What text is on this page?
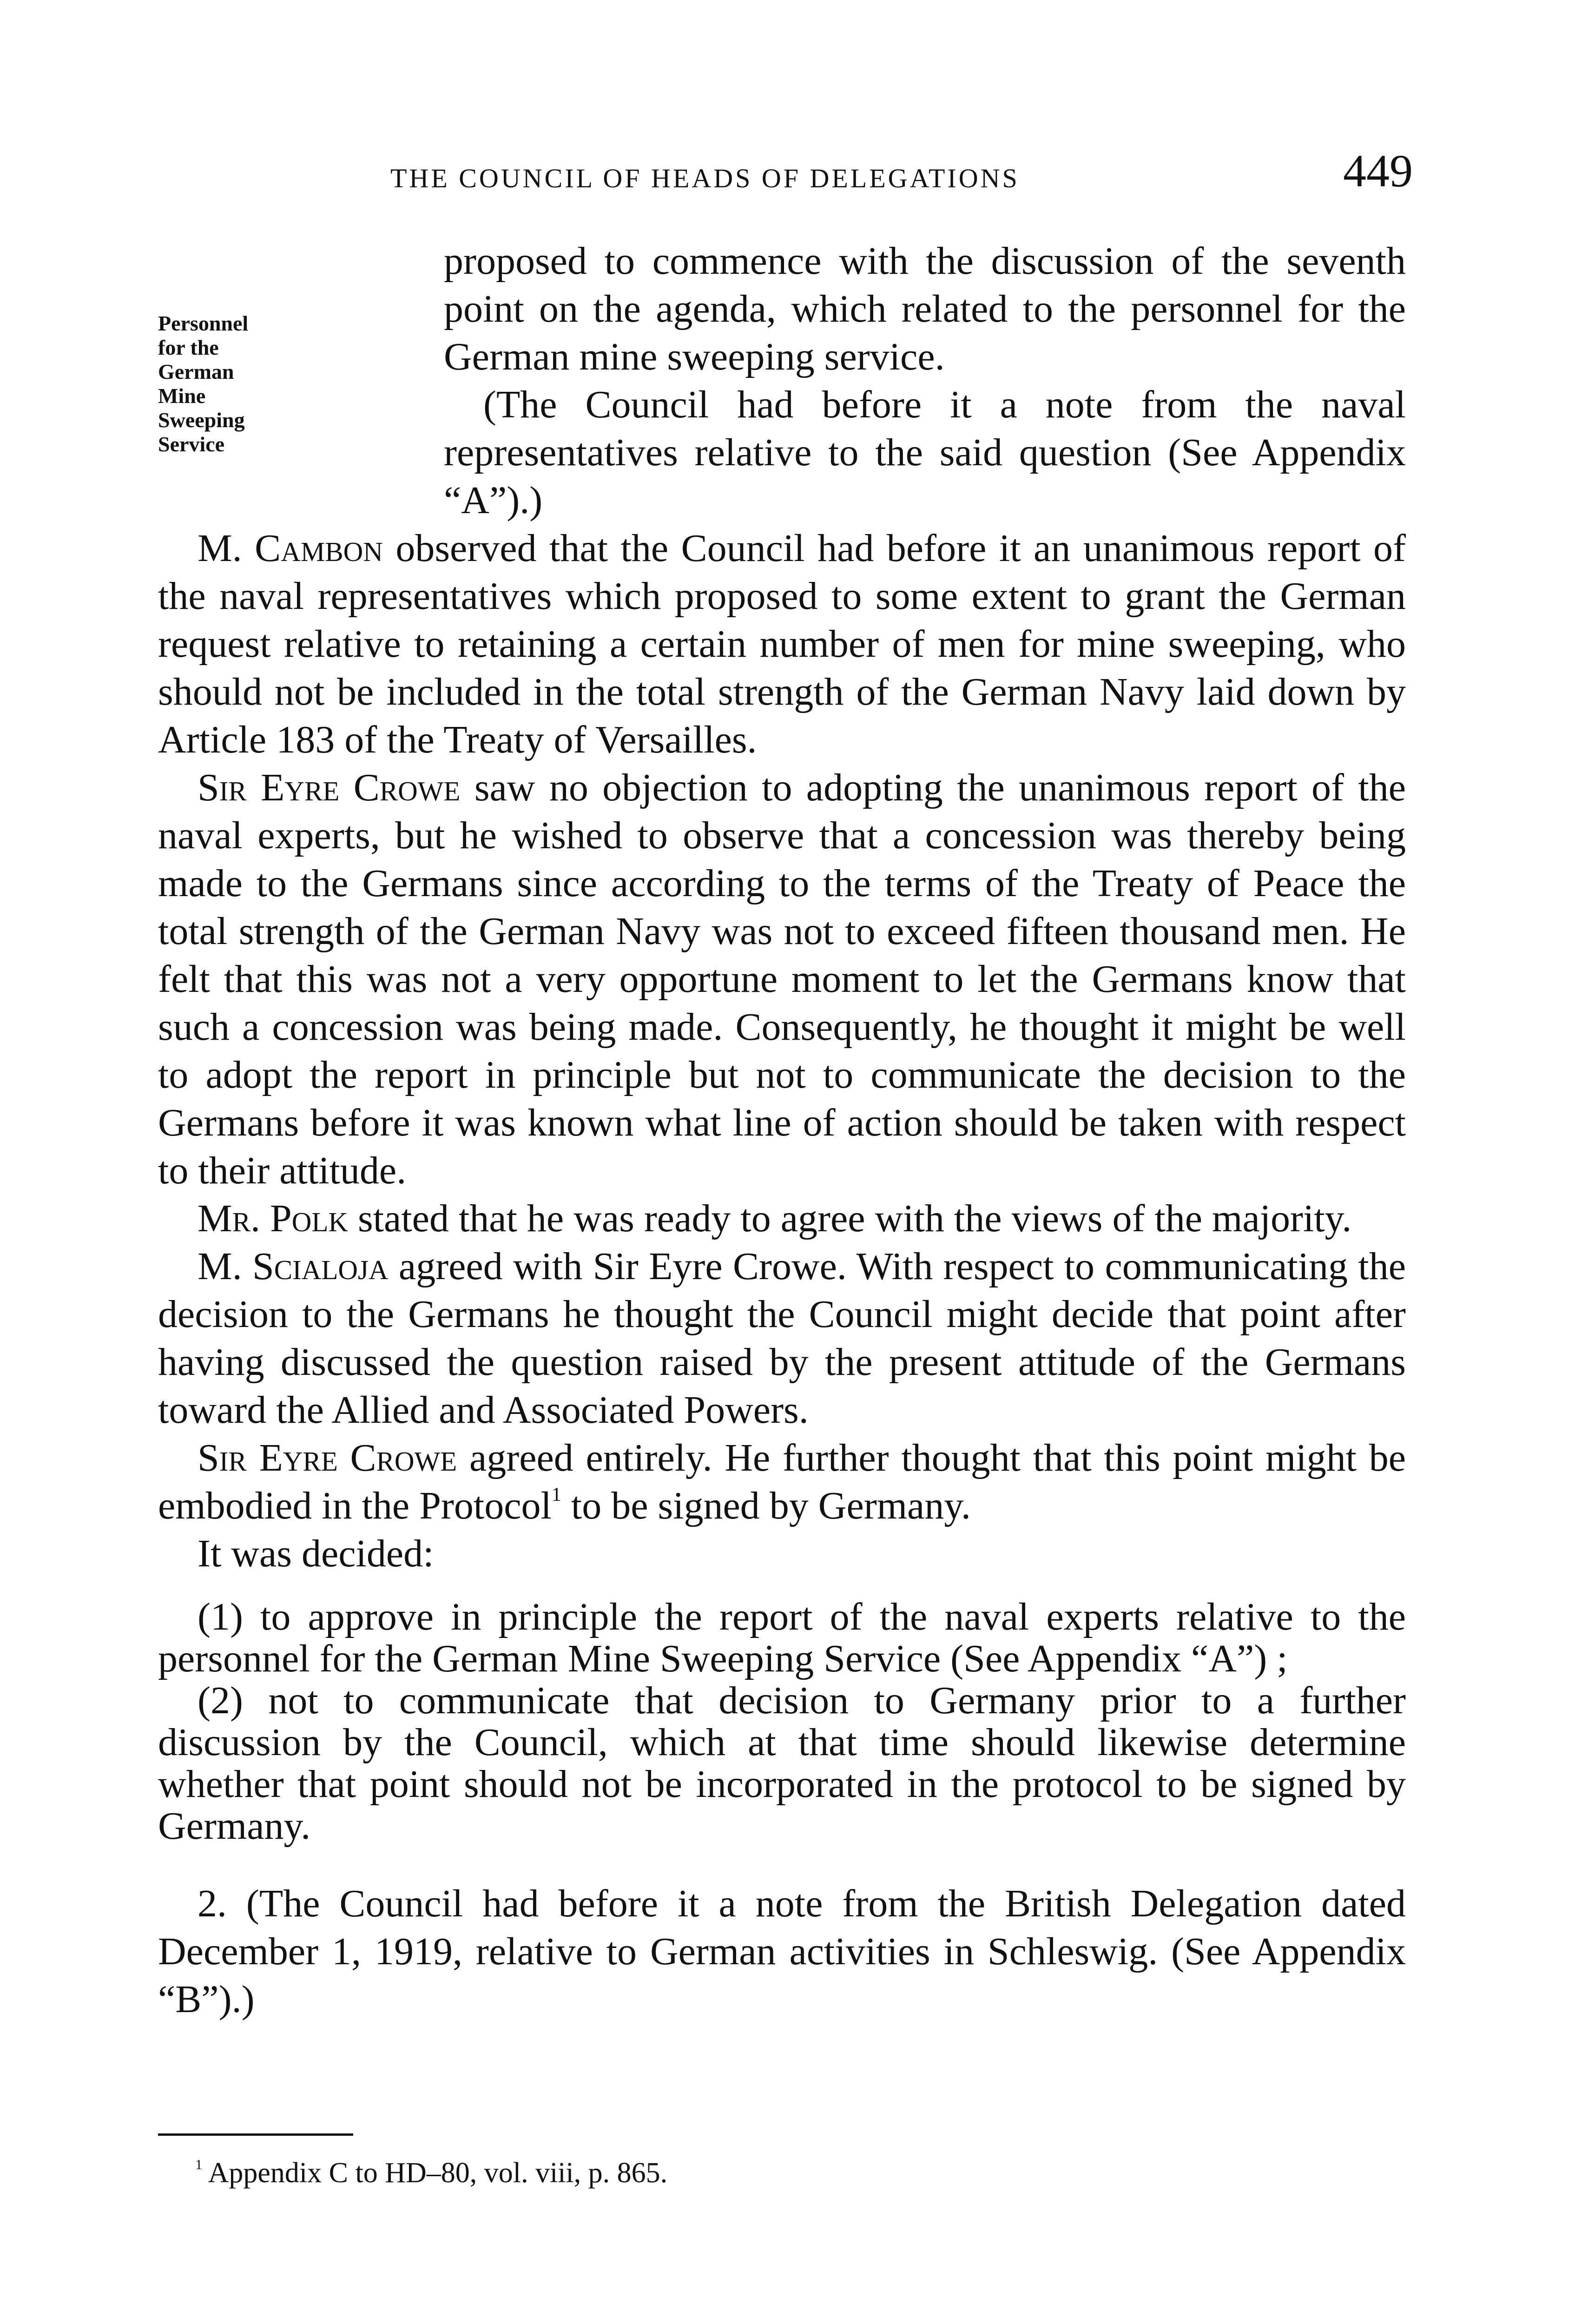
THE COUNCIL OF HEADS OF DELEGATIONS	449
Personnel
for the
German
Mine
Sweeping
Service

proposed to commence with the discussion of the seventh point on the agenda, which related to the personnel for the German mine sweeping service.

(The Council had before it a note from the naval representatives relative to the said question (See Appendix “A”).)

M. Cambon observed that the Council had before it an unanimous report of the naval representatives which proposed to some extent to grant the German request relative to retaining a certain number of men for mine sweeping, who should not be included in the total strength of the German Navy laid down by Article 183 of the Treaty of Versailles.

Sir Eyre Crowe saw no objection to adopting the unanimous report of the naval experts, but he wished to observe that a concession was thereby being made to the Germans since according to the terms of the Treaty of Peace the total strength of the German Navy was not to exceed fifteen thousand men. He felt that this was not a very opportune moment to let the Germans know that such a concession was being made. Consequently, he thought it might be well to adopt the report in principle but not to communicate the decision to the Germans before it was known what line of action should be taken with respect to their attitude.

Mr. Polk stated that he was ready to agree with the views of the majority.

M. Scialoja agreed with Sir Eyre Crowe. With respect to communicating the decision to the Germans he thought the Council might decide that point after having discussed the question raised by the present attitude of the Germans toward the Allied and Associated Powers.

Sir Eyre Crowe agreed entirely. He further thought that this point might be embodied in the Protocol$^1$ to be signed by Germany.

It was decided:

(1) to approve in principle the report of the naval experts relative to the personnel for the German Mine Sweeping Service (See Appendix “A”) ;

(2) not to communicate that decision to Germany prior to a further discussion by the Council, which at that time should likewise determine whether that point should not be incorporated in the protocol to be signed by Germany.

2. (The Council had before it a note from the British Delegation dated December 1, 1919, relative to German activities in Schleswig. (See Appendix “B”).)

$^1$ Appendix C to HD–80, vol. viii, p. 865.
